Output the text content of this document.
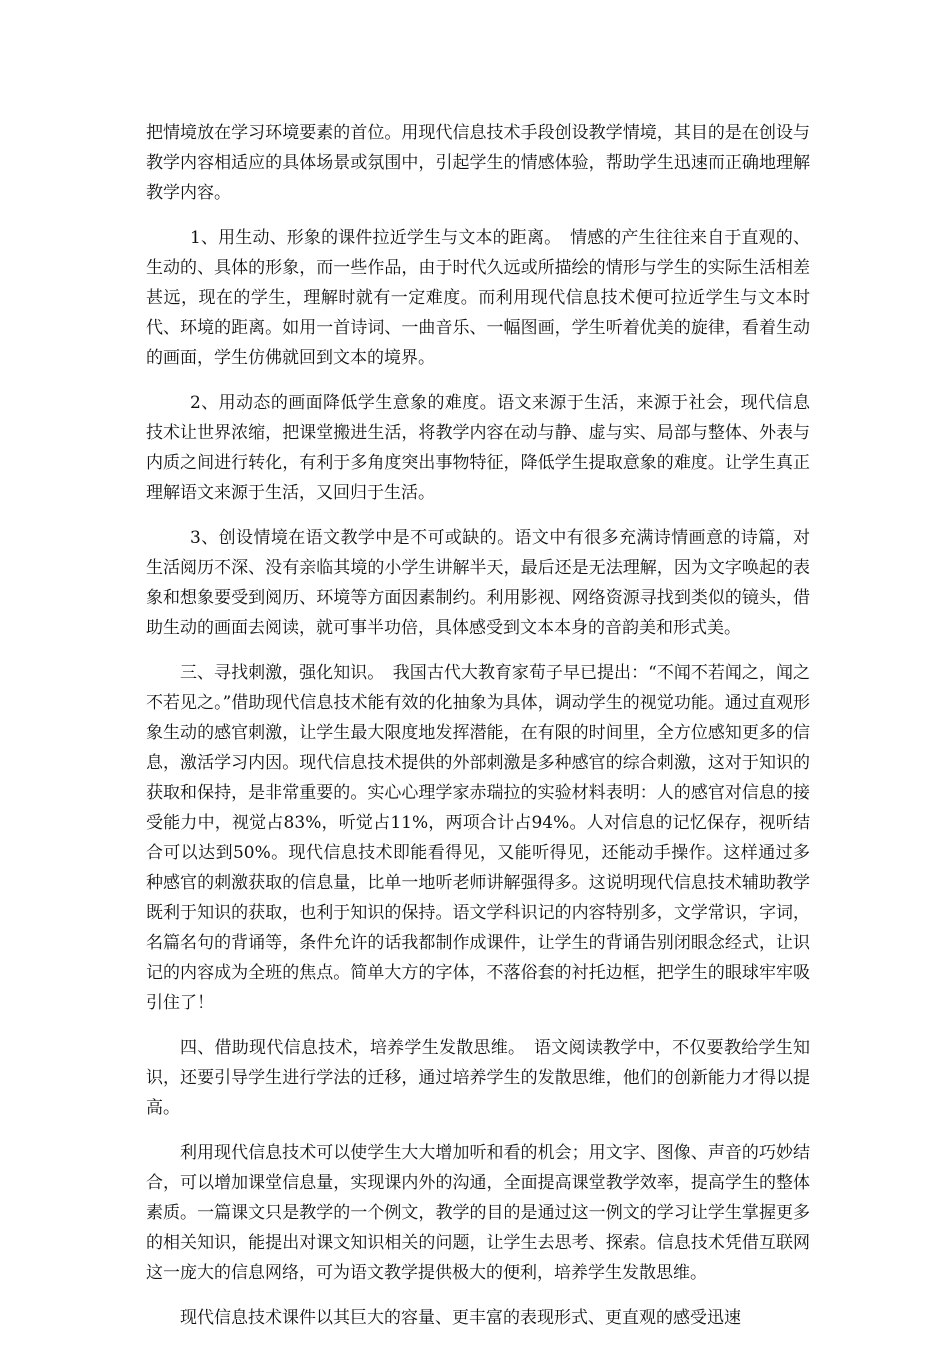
把情境放在学习环境要素的首位。用现代信息技术手段创设教学情境，其目的是在创设与教学内容相适应的具体场景或氛围中，引起学生的情感体验，帮助学生迅速而正确地理解教学内容。

1、用生动、形象的课件拉近学生与文本的距离。　情感的产生往往来自于直观的、生动的、具体的形象，而一些作品，由于时代久远或所描绘的情形与学生的实际生活相差甚远，现在的学生，理解时就有一定难度。而利用现代信息技术便可拉近学生与文本时代、环境的距离。如用一首诗词、一曲音乐、一幅图画，学生听着优美的旋律，看着生动的画面，学生仿佛就回到文本的境界。

2、用动态的画面降低学生意象的难度。语文来源于生活，来源于社会，现代信息技术让世界浓缩，把课堂搬进生活，将教学内容在动与静、虚与实、局部与整体、外表与内质之间进行转化，有利于多角度突出事物特征，降低学生提取意象的难度。让学生真正理解语文来源于生活，又回归于生活。

3、创设情境在语文教学中是不可或缺的。语文中有很多充满诗情画意的诗篇，对生活阅历不深、没有亲临其境的小学生讲解半天，最后还是无法理解，因为文字唤起的表象和想象要受到阅历、环境等方面因素制约。利用影视、网络资源寻找到类似的镜头，借助生动的画面去阅读，就可事半功倍，具体感受到文本本身的音韵美和形式美。

三、寻找刺激，强化知识。　我国古代大教育家荀子早已提出：“不闻不若闻之，闻之不若见之。”借助现代信息技术能有效的化抽象为具体，调动学生的视觉功能。通过直观形象生动的感官刺激，让学生最大限度地发挥潜能，在有限的时间里，全方位感知更多的信息，激活学习内因。现代信息技术提供的外部刺激是多种感官的综合刺激，这对于知识的获取和保持，是非常重要的。实心心理学家赤瑞拉的实验材料表明：人的感官对信息的接受能力中，视觉占83%，听觉占11%，两项合计占94%。人对信息的记忆保存，视听结合可以达到50%。现代信息技术即能看得见，又能听得见，还能动手操作。这样通过多种感官的刺激获取的信息量，比单一地听老师讲解强得多。这说明现代信息技术辅助教学既利于知识的获取，也利于知识的保持。语文学科识记的内容特别多，文学常识，字词，名篇名句的背诵等，条件允许的话我都制作成课件，让学生的背诵告别闭眼念经式，让识记的内容成为全班的焦点。简单大方的字体，不落俗套的衬托边框，把学生的眼球牢牢吸引住了！

四、借助现代信息技术，培养学生发散思维。　语文阅读教学中，不仅要教给学生知识，还要引导学生进行学法的迁移，通过培养学生的发散思维，他们的创新能力才得以提高。

利用现代信息技术可以使学生大大增加听和看的机会；用文字、图像、声音的巧妙结合，可以增加课堂信息量，实现课内外的沟通，全面提高课堂教学效率，提高学生的整体素质。一篇课文只是教学的一个例文，教学的目的是通过这一例文的学习让学生掌握更多的相关知识，能提出对课文知识相关的问题，让学生去思考、探索。信息技术凭借互联网这一庞大的信息网络，可为语文教学提供极大的便利，培养学生发散思维。

现代信息技术课件以其巨大的容量、更丰富的表现形式、更直观的感受迅速
